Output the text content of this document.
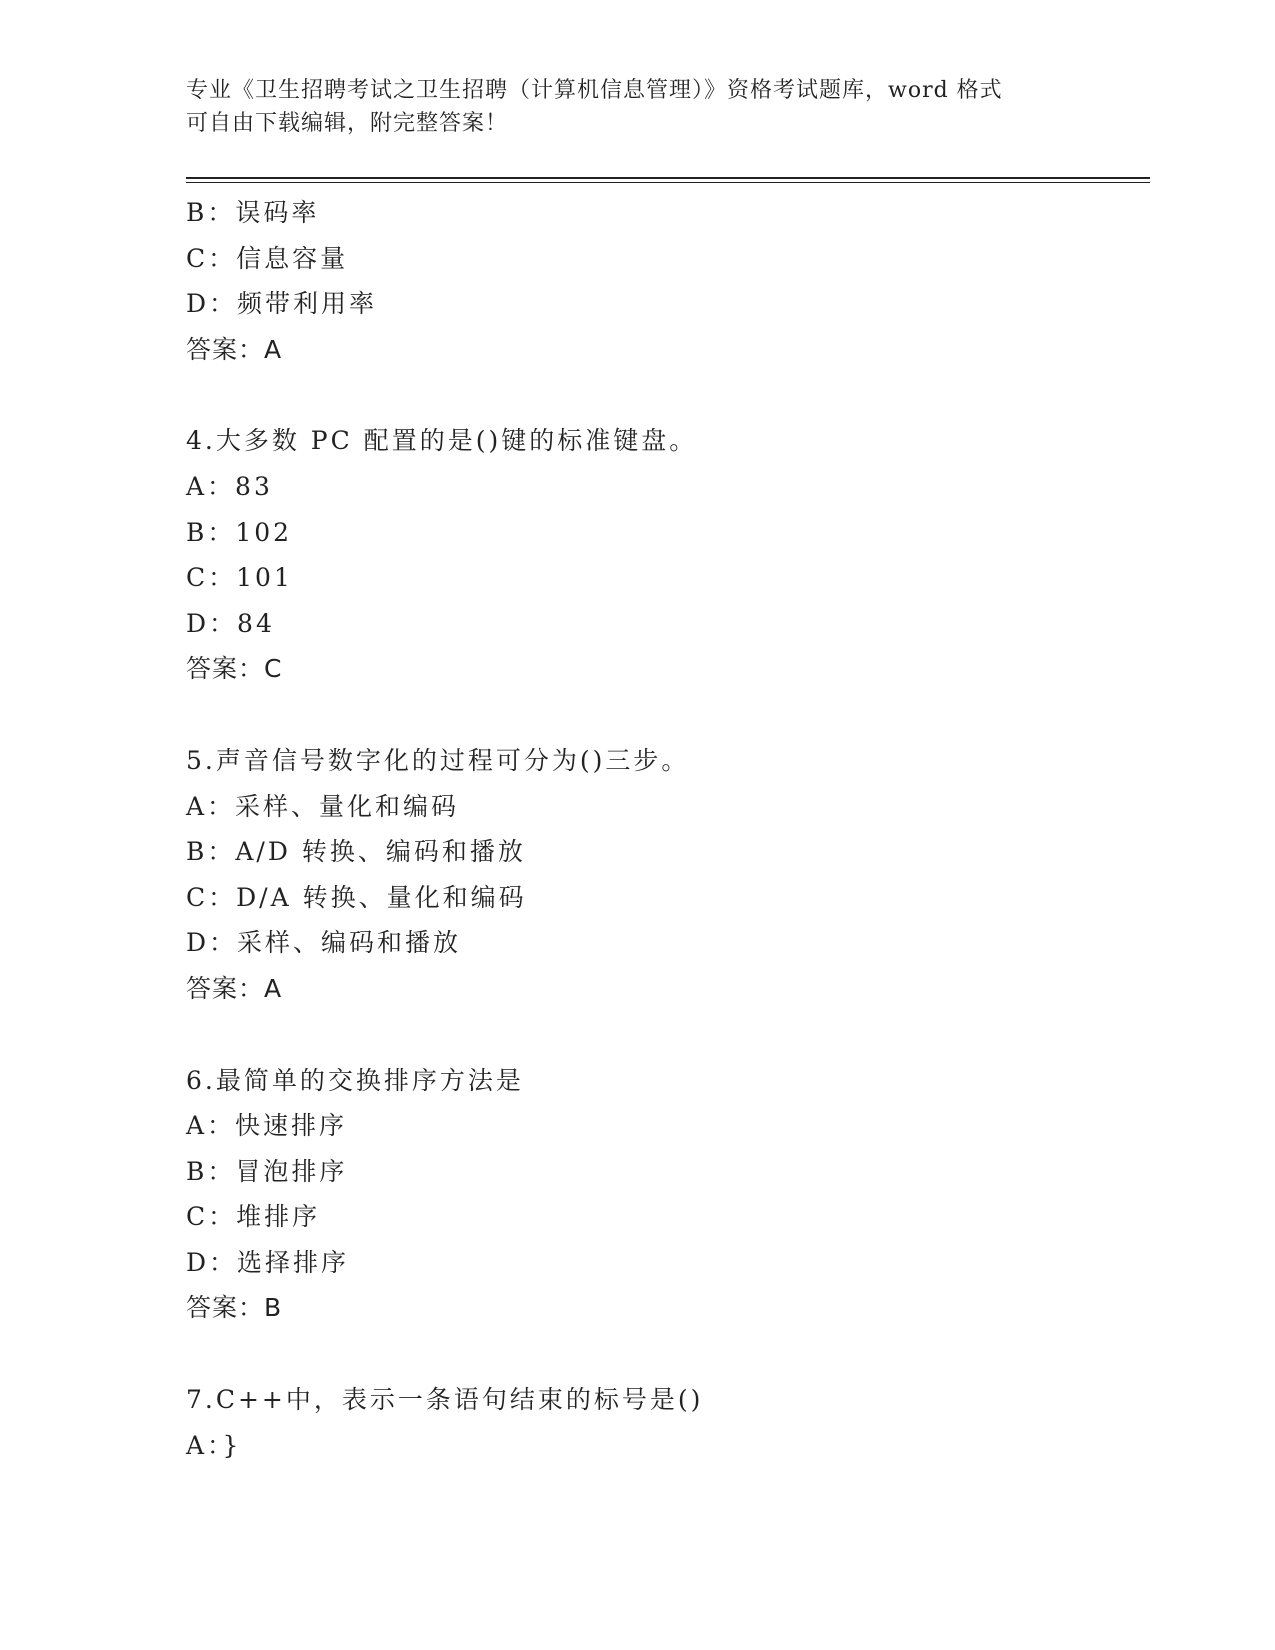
专业《卫生招聘考试之卫生招聘（计算机信息管理）》资格考试题库，word 格式
可自由下载编辑，附完整答案！
B：误码率
C：信息容量
D：频带利用率
答案：A
4.大多数 PC 配置的是()键的标准键盘。
A：83
B：102
C：101
D：84
答案：C
5.声音信号数字化的过程可分为()三步。
A：采样、量化和编码
B：A/D 转换、编码和播放
C：D/A 转换、量化和编码
D：采样、编码和播放
答案：A
6.最简单的交换排序方法是
A：快速排序
B：冒泡排序
C：堆排序
D：选择排序
答案：B
7.C++中，表示一条语句结束的标号是()
A：}
